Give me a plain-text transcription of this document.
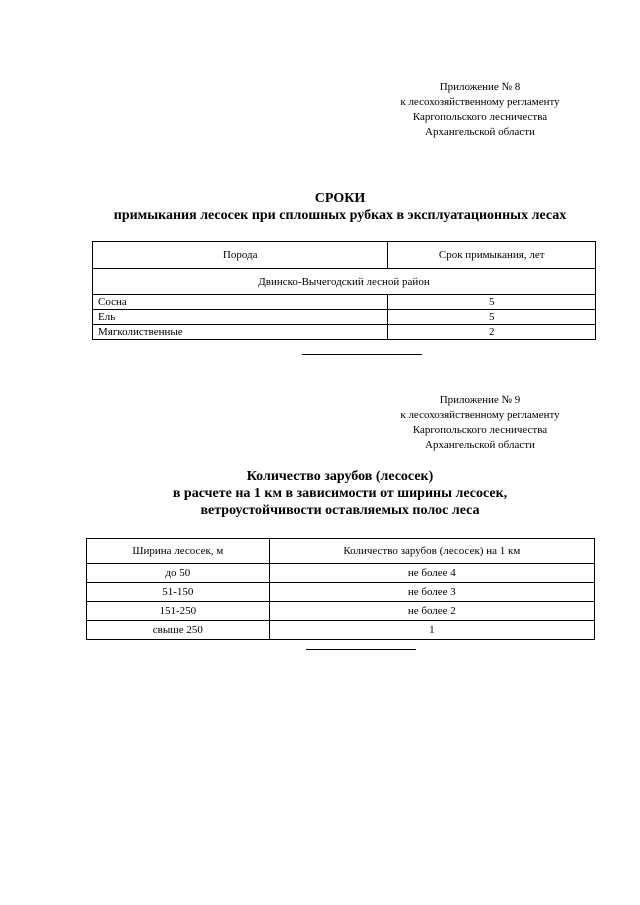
Приложение № 8
к лесохозяйственному регламенту
Каргопольского лесничества
Архангельской области
СРОКИ
примыкания лесосек при сплошных рубках в эксплуатационных лесах
Порода	Срок примыкания, лет
Двинско-Вычегодский лесной район	
Сосна	5
Ель	5
Мягколиственные	2
Приложение № 9
к лесохозяйственному регламенту
Каргопольского лесничества
Архангельской области
Количество зарубов (лесосек)
в расчете на 1 км в зависимости от ширины лесосек,
ветроустойчивости оставляемых полос леса
Ширина лесосек, м	Количество зарубов (лесосек) на 1 км
до 50	не более 4
51-150	не более 3
151-250	не более 2
свыше 250	1
